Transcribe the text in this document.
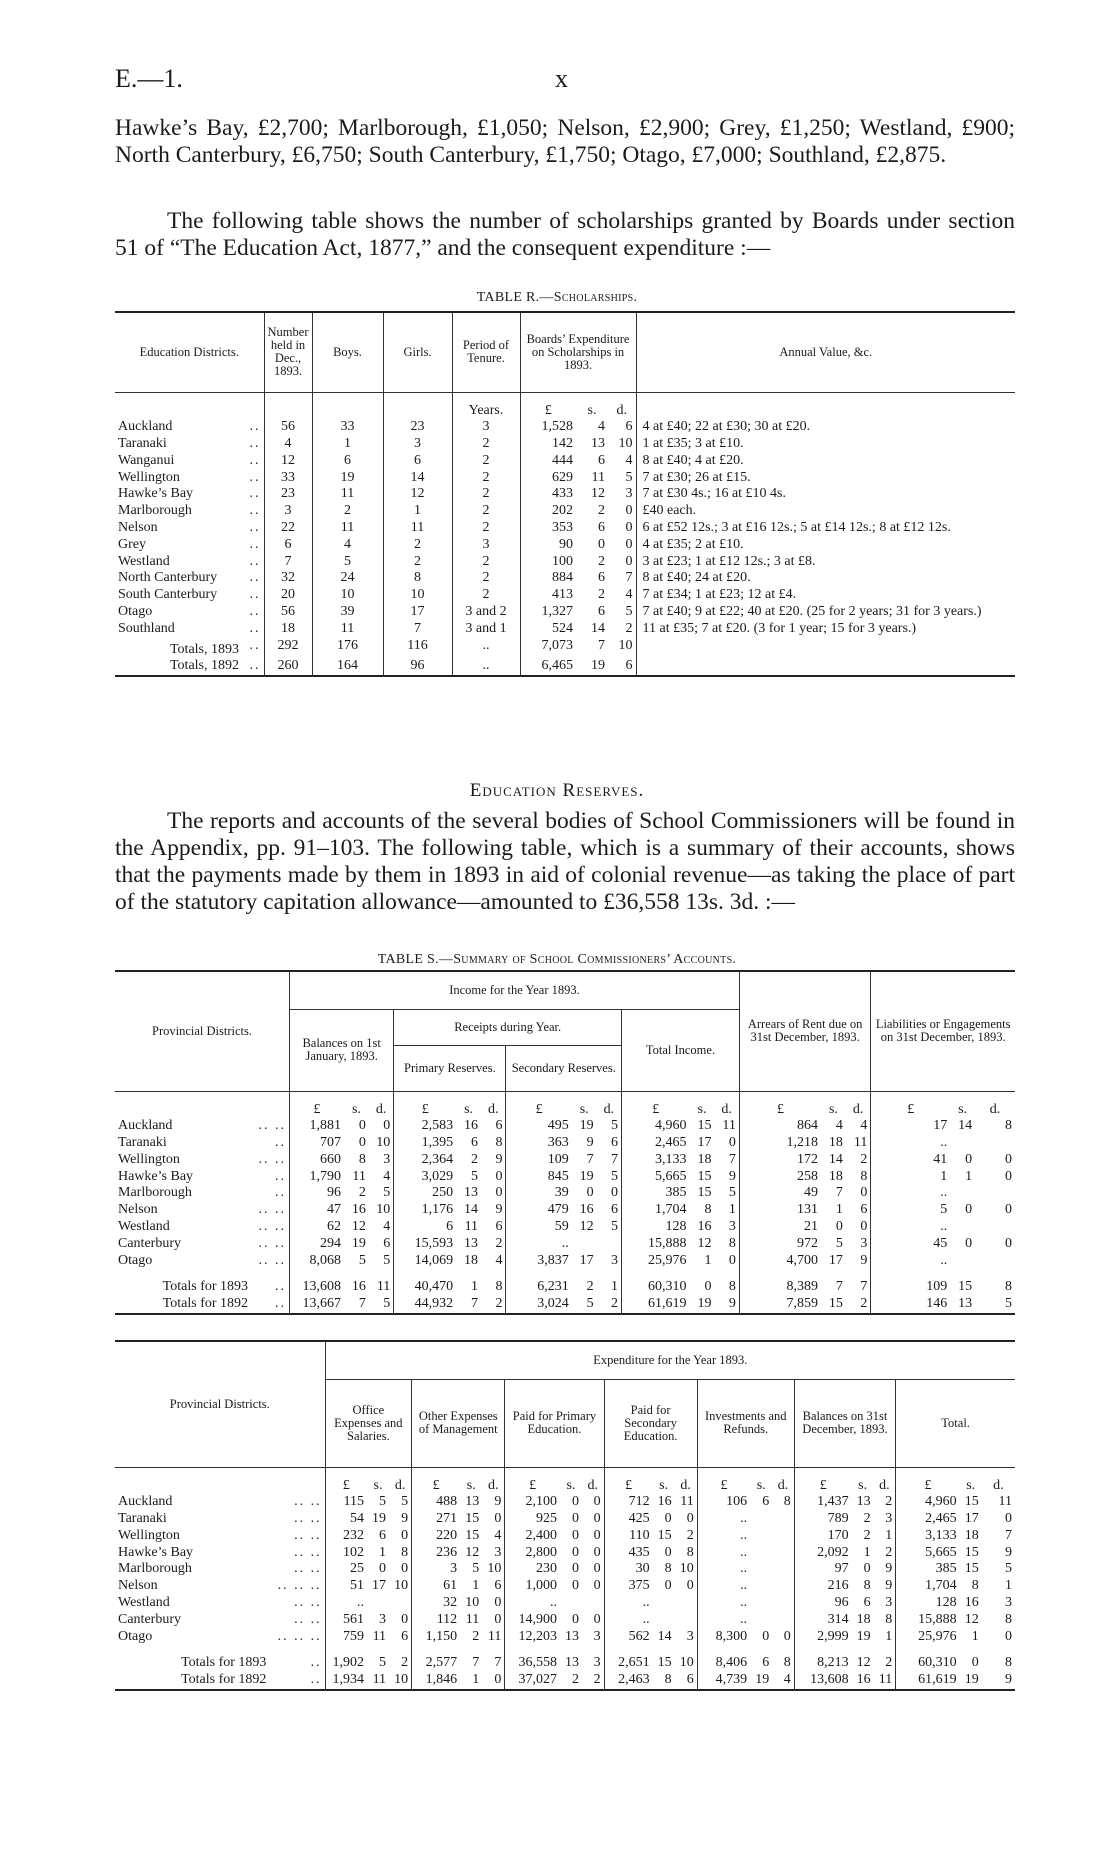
E.—1.	x

Hawke’s Bay, £2,700; Marlborough, £1,050; Nelson, £2,900; Grey, £1,250; Westland, £900; North Canterbury, £6,750; South Canterbury, £1,750; Otago, £7,000; Southland, £2,875.

The following table shows the number of scholarships granted by Boards under section 51 of “The Education Act, 1877,” and the consequent expenditure :—

TABLE R.—Scholarships.
Education Districts.		Number held in Dec., 1893.	Boys.	Girls.	Period of Tenure.	Boards’ Expenditure on Scholarships in 1893.			Annual Value, &c.

					Years.	£	s.	d.	
Auckland	..	56	33	23	3	1,528	4	6	4 at £40; 22 at £30; 30 at £20.
Taranaki	..	4	1	3	2	142	13	10	1 at £35; 3 at £10.
Wanganui	..	12	6	6	2	444	6	4	8 at £40; 4 at £20.
Wellington	..	33	19	14	2	629	11	5	7 at £30; 26 at £15.
Hawke’s Bay	..	23	11	12	2	433	12	3	7 at £30 4s.; 16 at £10 4s.
Marlborough	..	3	2	1	2	202	2	0	£40 each.
Nelson	..	22	11	11	2	353	6	0	6 at £52 12s.; 3 at £16 12s.; 5 at £14 12s.; 8 at £12 12s.
Grey	..	6	4	2	3	90	0	0	4 at £35; 2 at £10.
Westland	..	7	5	2	2	100	2	0	3 at £23; 1 at £12 12s.; 3 at £8.
North Canterbury	..	32	24	8	2	884	6	7	8 at £40; 24 at £20.
South Canterbury	..	20	10	10	2	413	2	4	7 at £34; 1 at £23; 12 at £4.
Otago	..	56	39	17	3 and 2	1,327	6	5	7 at £40; 9 at £22; 40 at £20. (25 for 2 years; 31 for 3 years.)
Southland	..	18	11	7	3 and 1	524	14	2	11 at £35; 7 at £20. (3 for 1 year; 15 for 3 years.)
Totals, 1893	..	292	176	116	..	7,073	7	10	
Totals, 1892	..	260	164	96	..	6,465	19	6	
Education Reserves.

The reports and accounts of the several bodies of School Commissioners will be found in the Appendix, pp. 91–103. The following table, which is a summary of their accounts, shows that the payments made by them in 1893 in aid of colonial revenue—as taking the place of part of the statutory capitation allowance—amounted to £36,558 13s. 3d. :—

TABLE S.—Summary of School Commissioners’ Accounts.
Provincial Districts.		Income for the Year 1893.												Arrears of Rent due on 31st December, 1893.			Liabilities or Engagements on 31st December, 1893.		
		Balances on 1st January, 1893.			Receipts during Year.						Total Income.								
					Primary Reserves.			Secondary Reserves.											

		£	s.	d.	£	s.	d.	£	s.	d.	£	s.	d.	£	s.	d.	£	s.	d.
Auckland	.. ..	1,881	0	0	2,583	16	6	495	19	5	4,960	15	11	864	4	4	17	14	8
Taranaki	..	707	0	10	1,395	6	8	363	9	6	2,465	17	0	1,218	18	11	..		
Wellington	.. ..	660	8	3	2,364	2	9	109	7	7	3,133	18	7	172	14	2	41	0	0
Hawke’s Bay	..	1,790	11	4	3,029	5	0	845	19	5	5,665	15	9	258	18	8	1	1	0
Marlborough	..	96	2	5	250	13	0	39	0	0	385	15	5	49	7	0	..		
Nelson	.. ..	47	16	10	1,176	14	9	479	16	6	1,704	8	1	131	1	6	5	0	0
Westland	.. ..	62	12	4	6	11	6	59	12	5	128	16	3	21	0	0	..		
Canterbury	.. ..	294	19	6	15,593	13	2	..			15,888	12	8	972	5	3	45	0	0
Otago	.. ..	8,068	5	5	14,069	18	4	3,837	17	3	25,976	1	0	4,700	17	9	..		

Totals for 1893	..	13,608	16	11	40,470	1	8	6,231	2	1	60,310	0	8	8,389	7	7	109	15	8
Totals for 1892	..	13,667	7	5	44,932	7	2	3,024	5	2	61,619	19	9	7,859	15	2	146	13	5
Provincial Districts.		Expenditure for the Year 1893.																				
		Office Expenses and Salaries.			Other Expenses of Management			Paid for Primary Education.			Paid for Secondary Education.			Investments and Refunds.			Balances on 31st December, 1893.			Total.		

		£	s.	d.	£	s.	d.	£	s.	d.	£	s.	d.	£	s.	d.	£	s.	d.	£	s.	d.
Auckland	.. ..	115	5	5	488	13	9	2,100	0	0	712	16	11	106	6	8	1,437	13	2	4,960	15	11
Taranaki	.. ..	54	19	9	271	15	0	925	0	0	425	0	0	..			789	2	3	2,465	17	0
Wellington	.. ..	232	6	0	220	15	4	2,400	0	0	110	15	2	..			170	2	1	3,133	18	7
Hawke’s Bay	.. ..	102	1	8	236	12	3	2,800	0	0	435	0	8	..			2,092	1	2	5,665	15	9
Marlborough	.. ..	25	0	0	3	5	10	230	0	0	30	8	10	..			97	0	9	385	15	5
Nelson	.. .. ..	51	17	10	61	1	6	1,000	0	0	375	0	0	..			216	8	9	1,704	8	1
Westland	.. ..	..			32	10	0	..			..			..			96	6	3	128	16	3
Canterbury	.. ..	561	3	0	112	11	0	14,900	0	0	..			..			314	18	8	15,888	12	8
Otago	.. .. ..	759	11	6	1,150	2	11	12,203	13	3	562	14	3	8,300	0	0	2,999	19	1	25,976	1	0

Totals for 1893	..	1,902	5	2	2,577	7	7	36,558	13	3	2,651	15	10	8,406	6	8	8,213	12	2	60,310	0	8
Totals for 1892	..	1,934	11	10	1,846	1	0	37,027	2	2	2,463	8	6	4,739	19	4	13,608	16	11	61,619	19	9
